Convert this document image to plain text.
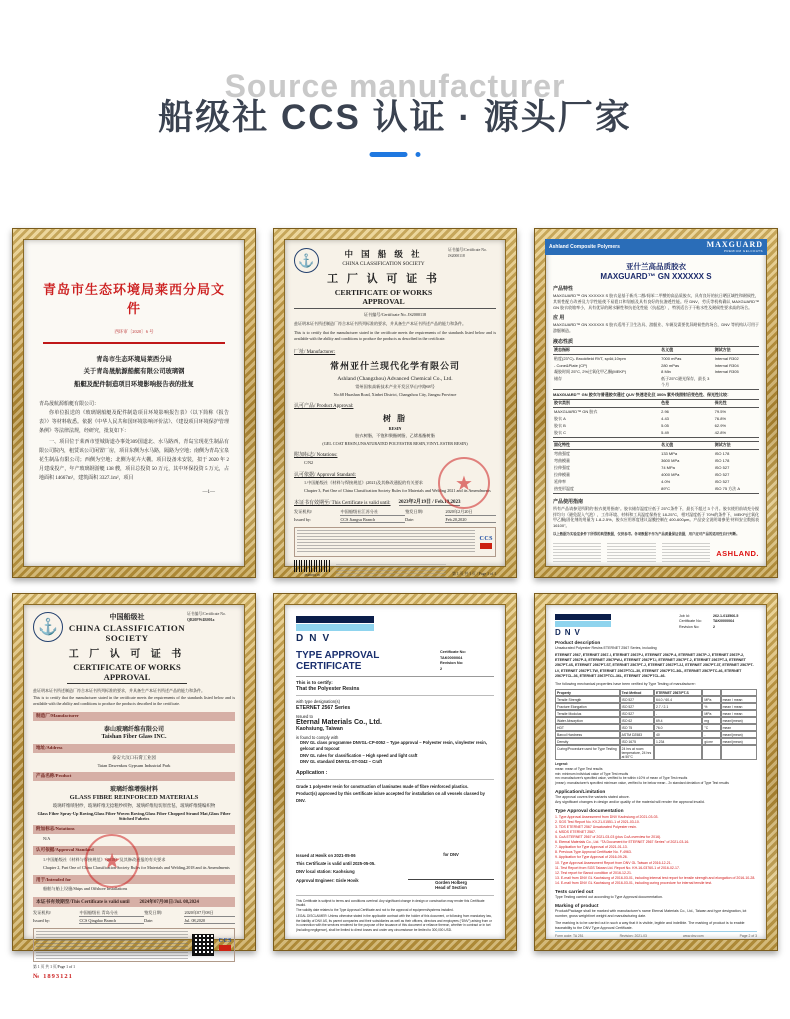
Source manufacturer
船级社 CCS 认证 · 源头厂家
青岛市生态环境局莱西分局文件
西环审〔2020〕6 号
青岛市生态环境局莱西分局
关于青岛晟航源船艇有限公司玻璃钢
船艇及配件制造项目环境影响报告表的批复
青岛晟航源船艇有限公司：
你单位报送的《玻璃钢船艇及配件制造项目环境影响报告表》（以下简称《报告表》）等材料收悉。依据《中华人民共和国环境影响评价法》、《建设项目环境保护管理条例》等法律法规，经研究，批复如下：
一、项目位于莱西市望城街道办事处309国道北、水马路西，青岛宝现花生制品有限公司院内，租赁该公司闲置厂房，项目东侧为水马路，隔路为空地；南侧为青岛宝泉花生制品有限公司；西侧为空地；北侧为花卉大棚。项目设备未安装，拟于 2020 年 2 月建成投产，年产玻璃钢游艇 138 艘，项目总投资 50 万元，其中环保投资 5 万元，占地面积 14667m²，建筑面积 3327.1m²，项目
—1—
⚓	中 国 船 级 社
CHINA CLASSIFICATION SOCIETY
工 厂 认 可 证 书
CERTIFICATE OF WORKS APPROVAL
证书编号/Certificate No.
JS2000118
证书编号/Certificate No. JS2000118
兹证明本证书所述制造厂符合本证书所列标准的要求，并具备生产本证书所述产品的能力和条件。
This is to certify that the manufacturer stated in the certificate meets the requirements of the standards listed below and is available with the ability and conditions to produce the products as described in the certificate.
厂址/ Manufacturer:
常州亚什兰现代化学有限公司
Ashland (Changzhou) Advanced Chemical Co., Ltd.
常州国家高新技术产业开发区华山中路68号
No.68 Huashan Road, Xinbei District, Changzhou City, Jiangsu Province
认可产品/ Product Approval:
树 脂
RESIN
胶衣树脂，不饱和聚酯树脂，乙烯基酯树脂
(GEL COAT RESIN,UNSATURATED POLYESTER RESIN,VINYL ESTER RESIN)
附加标志/ Notations:
C/N2
认可依据/ Approval Standard:
1.中国船级社《材料与焊接规范》(2021)及其修改通报的有关要求
Chapter 3, Part One of China Classification Society Rules for Materials and Welding 2021 and its Amendments
本证书有效期至/ This Certificate is valid until: 2023年2月19日 / Feb.19,2023
发证机构/	中国船级社江苏分社	签发日期/	2020年2月20日
Issued by:	CCS Jiangsu Branch	Date:	Feb.20,2020
CCS
JS2000118	第 1 页 共 1 页 / Page 1 of 1
★
Ashland Composite Polymers	MAXGUARD
PREMIUM GELCOATS
亚什兰高品质胶衣
MAXGUARD™ GN XXXXXX S
产品特性
MAXGUARD™ GN XXXXXX S 胶衣是基于新戊二醇/间苯二甲酸的高品质胶衣，具有良好的抗日晒区域性和耐候性，其韧性配方改善及力学性能使不易裂口和划痕及具有良好的抗渗透性能。经 DNV、劳氏等机构确认 MAXGUARD™ GN 胶衣收缩率小，具有优异的耐水解性和抗老化性能（抗起泡），特别适合于干粘水性及耐候性要求高的场合。
应 用
MAXGUARD™ GN XXXXXX S 胶衣适用于卫生洁具、游艇业、车辆及需要优异耐候性的场合，DNV 等机构认可用于游艇制造。
液态性质
液态指标	名义值	测试方法
粘度(23°C)- Brookfield RVT, sp4#,10rpm	7000 mPas	Internal R302
- Cone&Plate (CP)	280 mPas	Internal R304
凝胶时间 25°C, 2%过氧化甲乙酮(MEKP)	8 Min	Internal R305
储存	低于25°C避光保存，最长 3 个月
MAXGUARD™ GN 胶衣与普通胶衣通过 QUV 快速老化仪 300h 紫外线照射后变色性、保光性比较：
胶衣类别	色差	保光性
MAXGUARD™ GN 胶衣	2.96	79.5%
胶衣 A	4.43	76.8%
胶衣 B	5.05	62.9%
胶衣 C	5.49	42.8%
固化特性	名义值	测试方法
弯曲强度	133 MPa	ISO 178
弯曲模量	3600 MPa	ISO 178
拉伸强度	74 MPa	ISO 527
拉伸模量	4000 MPa	ISO 527
延伸率	4.0%	ISO 527
热变形温度	89°C	ISO 75 方法 A
产品使用指南
所有产品请参见所附的“胶衣使用指南”。胶衣储存温度应低于 25°C条件下，最长不超过 3 个月。胶衣使用前请充分搅拌均匀（避免混入气泡），工作环境、材料和工具温度保持在 18-25°C，相对湿度低于 70%的条件下，MEKP(过氧化甲乙酮)固化剂的用量为 1.8-2.5%，胶衣应用厚度建议湿膜控制在 400-600μm。产品安全说明请参见“材料安全数据表 16100”。
以上数据为实验室条件下所得的典型数据，仅供参考。各项数据不作为产品质量保证依据，用户应对产品的适用性自行判断。
ASHLAND.
⚓
中国船级社
CHINA CLASSIFICATION SOCIETY
工 厂 认 可 证 书
CERTIFICATE OF WORKS APPROVAL
证书编号/Certificate No.
QB20PW4B001a
兹证明本证书所述制造厂符合本证书所列标准的要求，并具备生产本证书所述产品的能力和条件。
This is to certify that the manufacturer stated in the certificate meets the requirements of the standards listed below and is available with the ability and conditions to produce the products described in the certificate.
制造厂/Manufacturer
泰山玻璃纤维有限公司
Taishan Fiber Glass INC.
地址/Address
泰安大汶口石膏工业园
Taian Dawenkou Gypsum Industrial Park
产品名称/Product
玻璃纤维增强材料
GLASS FIBRE REINFORCED MATERIALS
玻璃纤维喷射纱，玻璃纤维无捻粗纱织物，玻璃纤维短切原丝毡，玻璃纤维缝编织物
Glass Fiber Spray-Up Roving,Glass Fiber Woven Roving,Glass Fiber Chopped Strand Mat,Glass Fiber Stitched Fabrics
附加标志/Notations
N/A
认可依据/Approval Standard
1.中国船级社《材料与焊接规范》（2018）及其修改通报的有关要求
Chapter 2, Part One of China Classification Society Rules for Materials and Welding,2018 and its Amendments
用于/Intended for
船舶与船上设施/Ships and Offshore Installations
本证书有效期至/This Certificate is valid until 2024年07月08日/Jul. 08,2024
发证机构/	中国船级社 青岛分社	签发日期/	2020年07月08日
Issued by:	CCS Qingdao Branch	Date:	Jul. 08,2020
CCS
第 1 页 共 1 页/Page 1 of 1
№ 1893121
★
DNV
TYPE APPROVAL CERTIFICATE
Certificate No:
TAK0000064
Revision No:
2
This is to certify:
That the Polyester Resins
with type designation(s)
ETERNET 2567 Series
Issued to
Eternal Materials Co., Ltd.
Kaohsiung, Taiwan
is found to comply with
DNV GL class programme DNVGL-CP-0052 – Type approval – Polyester resin, vinylester resin, gelcoat and topcoat
DNV GL rules for classification – High speed and light craft
DNV GL standard DNVGL-ST-0342 – Craft
Application :
Grade 1 polyester resin for construction of laminates made of fibre reinforced plastics.
Product(s) approved by this certificate is/are accepted for installation on all vessels classed by DNV.
Issued at Høvik on 2021-05-06
This Certificate is valid until 2025-05-05.
DNV local station: Kaohsiung
Approval Engineer: Gisle Hovik
for DNV
Gorden Holberg
Head of Section
This Certificate is subject to terms and conditions overleaf. Any significant change in design or construction may render this Certificate invalid.
The validity date relates to the Type Approval Certificate and not to the approval of equipment/systems installed.
LEGAL DISCLAIMER: Unless otherwise stated in the applicable contract with the holder of this document, or following from mandatory law, the liability of DNV AS, its parent companies and their subsidiaries as well as their officers, directors and employees (“DNV”) arising from or in connection with the services rendered for the purpose of the issuance of this document or reliance thereon, whether in contract or in tort (including negligence), shall be limited to direct losses and under any circumstance be limited to 300,000 USD.
DNV
Job Id:	262.1-013566-5
Certificate No:	TAK0000064
Revision No:	2
Product description
Unsaturated Polyester Resins ETERNET 2567 Series, including
ETERNET 2567, ETERNET 2567-I, ETERNET 2567P-I, ETERNET 2567P-4, ETERNET 2567P-J, ETERNET 2567P-2, ETERNET 2567P-3, ETERNET 2567PW-I, ETERNET 2567PT-I, ETERNET 2567PT-2, ETERNET 2567PT-3, ETERNET 2567PT-4S, ETERNET 2567PT-ST, ETERNET 2567PT-J, ETERNET 2567PT-2J, ETERNET 2567PT-3T, ETERNET 2567PT-LV, ETERNET 2567PT-TW, ETERNET 2567PTCL-30, ETERNET 2567PTC-36L, ETERNET 2567PTC-46, ETERNET 2567PTCL-36, ETERNET 2567PTCL-36L, ETERNET 2567PTCL-46.
The following mechanical properties have been verified by Type Testing of manufacturer:
Property	Test Method	ETERNET 2567/PT-S
Tensile Strength	ISO 527	64.0 / 60.4	MPa	mean / mean
Fracture Elongation	ISO 527	2.7 / 2.1	%	mean / mean
Tensile Modulus	ISO 527	-	MPa	mean / mean
Water Absorption	ISO 62	69.4	mg	mean/(mean)
HDT	ISO 75	76.0	°C	mean
Barcol Hardness	ASTM D2583	40	-	mean/(mean)
Density	ISO 1675	1.234	g/cm³	mean/(mean)
Curing/Procedure used for Type Testing	24 hrs at room temperature, 24 hrs at 50°C
Legend:
mean: mean of Type Test results
min: minimum individual value of Type Test results
mn: manufacturer's specified value, verified to be within ±10% of mean of Type Test results
(mean): manufacturer's specified minimum value, verified to be below mean - 2x standard deviation of Type Test results
Application/Limitation
The approval covers the variants stated above.
Any significant changes in design and/or quality of the material will render the approval invalid.
Type Approval documentation
1. Type Approval Assessment from DNV Kaohsiung of 2021-03-03.
2. SGS Test Report No. KV-21-01551-1 of 2021-03-10.
3. TDS ETERNET 2567 Unsaturated Polyester resin.
4. MSDS ETERNET 2567.
5. CoA ETERNET 2567 of 2021-03-03 (plus CoA overview for 2016).
6. Eternal Materials Co., Ltd. “TA Document for ETERNET 2567 Series” of 2021-03-16.
7. Application for Type Approval of 2021-01-13.
8. Previous Type Approval Certificate No. F-4963.
9. Application for Type Approval of 2016-09-26.
10. Type Approval Assessment Report from DNV GL Taiwan of 2016-12-21.
11. Test Report from SGS Taiwan Ltd. Report No. KH-16-03760-1 of 2016-02-17.
12. Test report for Barcol condition of 2016-12-21.
13. E-mail from DNV GL Kaohsiung of 2016-03-01, including internal test report for tensile strength and elongation of 2016-10-28.
14. E-mail from DNV GL Kaohsiung of 2016-03-01, including curing procedure for internal tensile test.
Tests carried out
Type Testing carried out according to Type Approval documentation.
Marking of product
Product/Package shall be marked with manufacturer's name Eternal Materials Co., Ltd., Taiwan and type designation, lot number, gross weight/net weight and manufacturing date.
The marking is to be carried out in such a way that it is visible, legible and indelible. The marking of product is to enable traceability to the DNV Type Approval Certificate.
Form code: TA 251	Revision: 2021-03	www.dnv.com	Page 2 of 3
